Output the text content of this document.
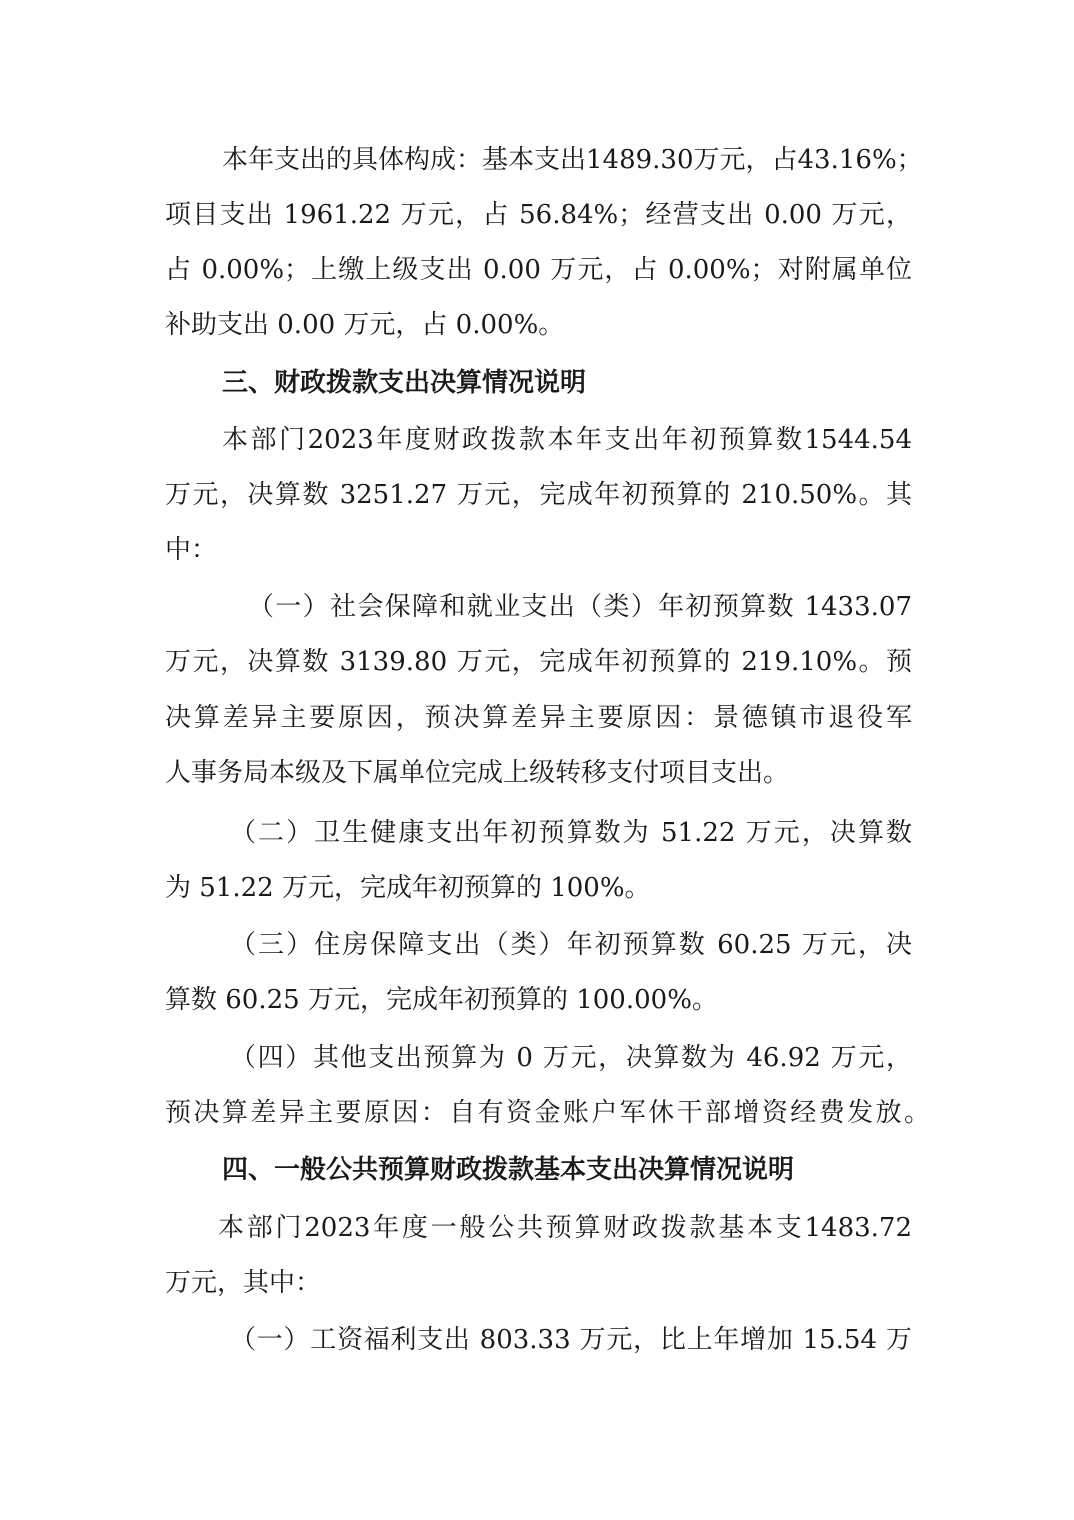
本年支出的具体构成：基本支出1489.30万元，占43.16%；
项目支出 1961.22 万元，占 56.84%；经营支出 0.00 万元，
占 0.00%；上缴上级支出 0.00 万元，占 0.00%；对附属单位
补助支出 0.00 万元，占 0.00%。
三、财政拨款支出决算情况说明
本部门2023年度财政拨款本年支出年初预算数1544.54
万元，决算数 3251.27 万元，完成年初预算的 210.50%。其
中：
（一）社会保障和就业支出（类）年初预算数 1433.07
万元，决算数 3139.80 万元，完成年初预算的 219.10%。预
决算差异主要原因，预决算差异主要原因：景德镇市退役军
人事务局本级及下属单位完成上级转移支付项目支出。
（二）卫生健康支出年初预算数为 51.22 万元，决算数
为 51.22 万元，完成年初预算的 100%。
（三）住房保障支出（类）年初预算数 60.25 万元，决
算数 60.25 万元，完成年初预算的 100.00%。
（四）其他支出预算为 0 万元，决算数为 46.92 万元，
预决算差异主要原因：自有资金账户军休干部增资经费发放。
四、一般公共预算财政拨款基本支出决算情况说明
本部门2023年度一般公共预算财政拨款基本支1483.72
万元，其中：
（一）工资福利支出 803.33 万元，比上年增加 15.54 万
